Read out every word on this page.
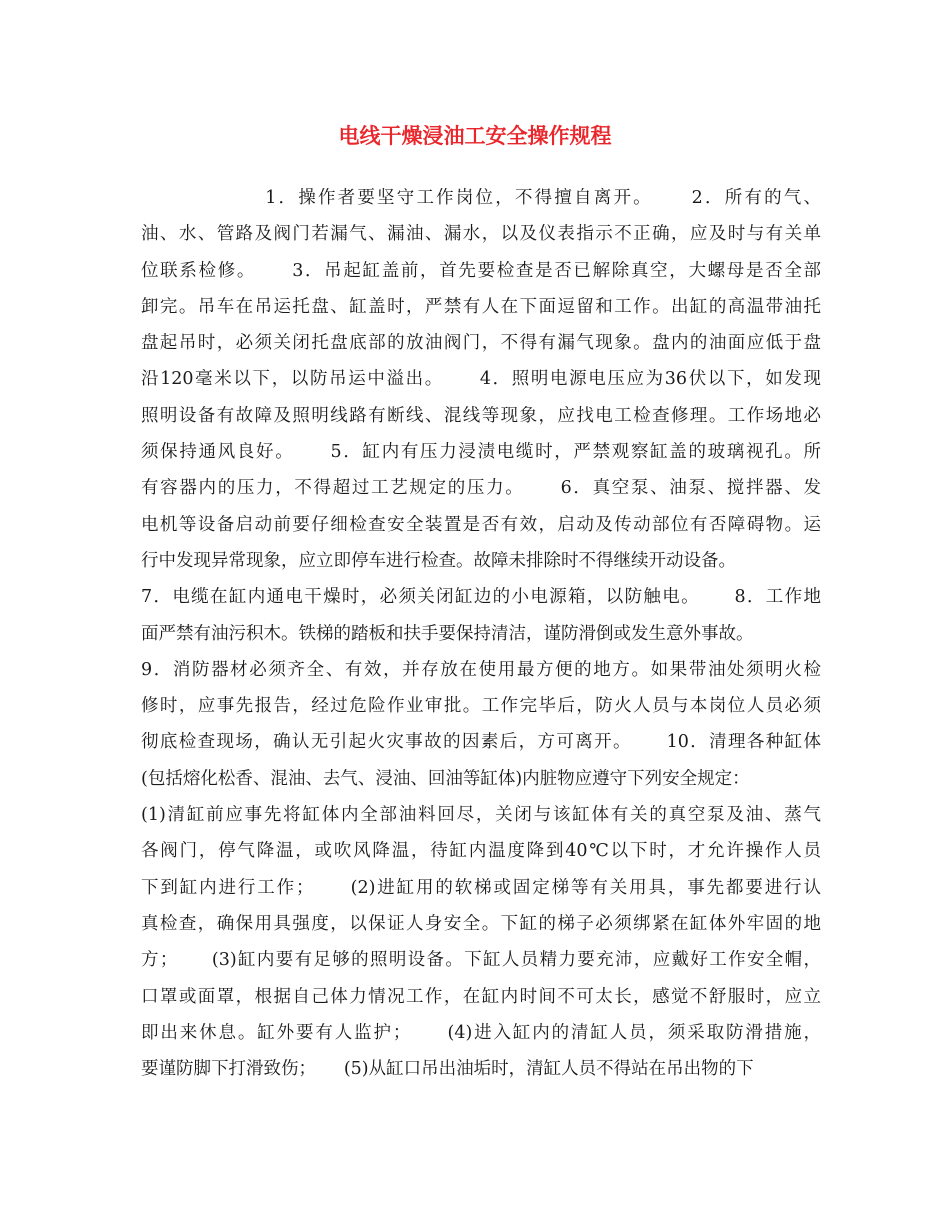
电线干燥浸油工安全操作规程
1．操作者要坚守工作岗位，不得擅自离开。     2．所有的气、
油、水、管路及阀门若漏气、漏油、漏水，以及仪表指示不正确，应及时与有关单
位联系检修。     3．吊起缸盖前，首先要检查是否已解除真空，大螺母是否全部
卸完。吊车在吊运托盘、缸盖时，严禁有人在下面逗留和工作。出缸的高温带油托
盘起吊时，必须关闭托盘底部的放油阀门，不得有漏气现象。盘内的油面应低于盘
沿120毫米以下，以防吊运中溢出。     4．照明电源电压应为36伏以下，如发现
照明设备有故障及照明线路有断线、混线等现象，应找电工检查修理。工作场地必
须保持通风良好。     5．缸内有压力浸渍电缆时，严禁观察缸盖的玻璃视孔。所
有容器内的压力，不得超过工艺规定的压力。     6．真空泵、油泵、搅拌器、发
电机等设备启动前要仔细检查安全装置是否有效，启动及传动部位有否障碍物。运
行中发现异常现象，应立即停车进行检查。故障未排除时不得继续开动设备。
7．电缆在缸内通电干燥时，必须关闭缸边的小电源箱，以防触电。     8．工作地
面严禁有油污积木。铁梯的踏板和扶手要保持清洁，谨防滑倒或发生意外事故。
9．消防器材必须齐全、有效，并存放在使用最方便的地方。如果带油处须明火检
修时，应事先报告，经过危险作业审批。工作完毕后，防火人员与本岗位人员必须
彻底检查现场，确认无引起火灾事故的因素后，方可离开。     10．清理各种缸体
(包括熔化松香、混油、去气、浸油、回油等缸体)内脏物应遵守下列安全规定：
(1)清缸前应事先将缸体内全部油料回尽，关闭与该缸体有关的真空泵及油、蒸气
各阀门，停气降温，或吹风降温，待缸内温度降到40℃以下时，才允许操作人员
下到缸内进行工作；     (2)进缸用的软梯或固定梯等有关用具，事先都要进行认
真检查，确保用具强度，以保证人身安全。下缸的梯子必须绑紧在缸体外牢固的地
方；     (3)缸内要有足够的照明设备。下缸人员精力要充沛，应戴好工作安全帽，
口罩或面罩，根据自己体力情况工作，在缸内时间不可太长，感觉不舒服时，应立
即出来休息。缸外要有人监护；     (4)进入缸内的清缸人员，须采取防滑措施，
要谨防脚下打滑致伤；     (5)从缸口吊出油垢时，清缸人员不得站在吊出物的下
